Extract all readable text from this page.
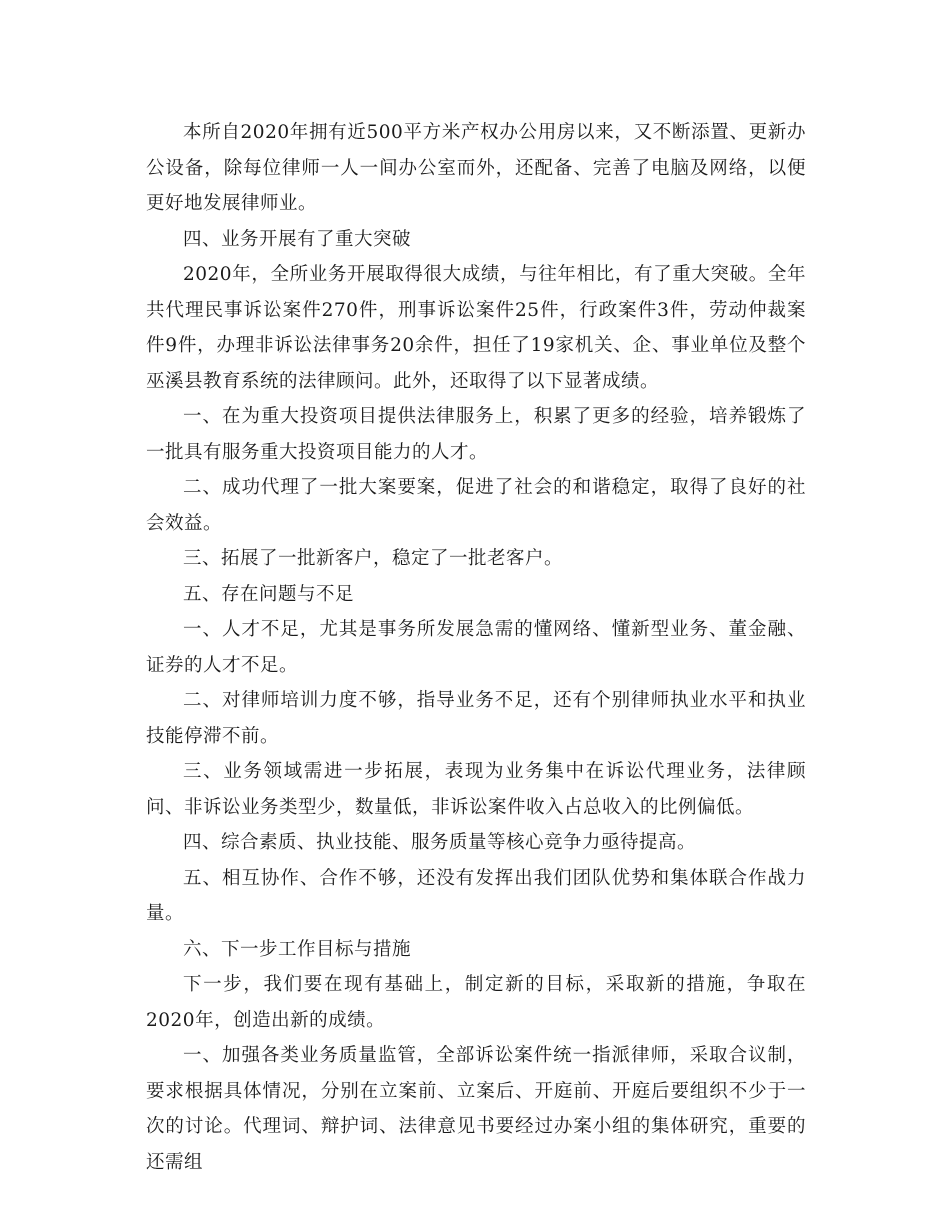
本所自2020年拥有近500平方米产权办公用房以来，又不断添置、更新办公设备，除每位律师一人一间办公室而外，还配备、完善了电脑及网络，以便更好地发展律师业。

四、业务开展有了重大突破

2020年，全所业务开展取得很大成绩，与往年相比，有了重大突破。全年共代理民事诉讼案件270件，刑事诉讼案件25件，行政案件3件，劳动仲裁案件9件，办理非诉讼法律事务20余件，担任了19家机关、企、事业单位及整个巫溪县教育系统的法律顾问。此外，还取得了以下显著成绩。

一、在为重大投资项目提供法律服务上，积累了更多的经验，培养锻炼了一批具有服务重大投资项目能力的人才。

二、成功代理了一批大案要案，促进了社会的和谐稳定，取得了良好的社会效益。

三、拓展了一批新客户，稳定了一批老客户。

五、存在问题与不足

一、人才不足，尤其是事务所发展急需的懂网络、懂新型业务、董金融、证券的人才不足。

二、对律师培训力度不够，指导业务不足，还有个别律师执业水平和执业技能停滞不前。

三、业务领域需进一步拓展，表现为业务集中在诉讼代理业务，法律顾问、非诉讼业务类型少，数量低，非诉讼案件收入占总收入的比例偏低。

四、综合素质、执业技能、服务质量等核心竞争力亟待提高。

五、相互协作、合作不够，还没有发挥出我们团队优势和集体联合作战力量。

六、下一步工作目标与措施

下一步，我们要在现有基础上，制定新的目标，采取新的措施，争取在2020年，创造出新的成绩。

一、加强各类业务质量监管，全部诉讼案件统一指派律师，采取合议制，要求根据具体情况，分别在立案前、立案后、开庭前、开庭后要组织不少于一次的讨论。代理词、辩护词、法律意见书要经过办案小组的集体研究，重要的还需组
